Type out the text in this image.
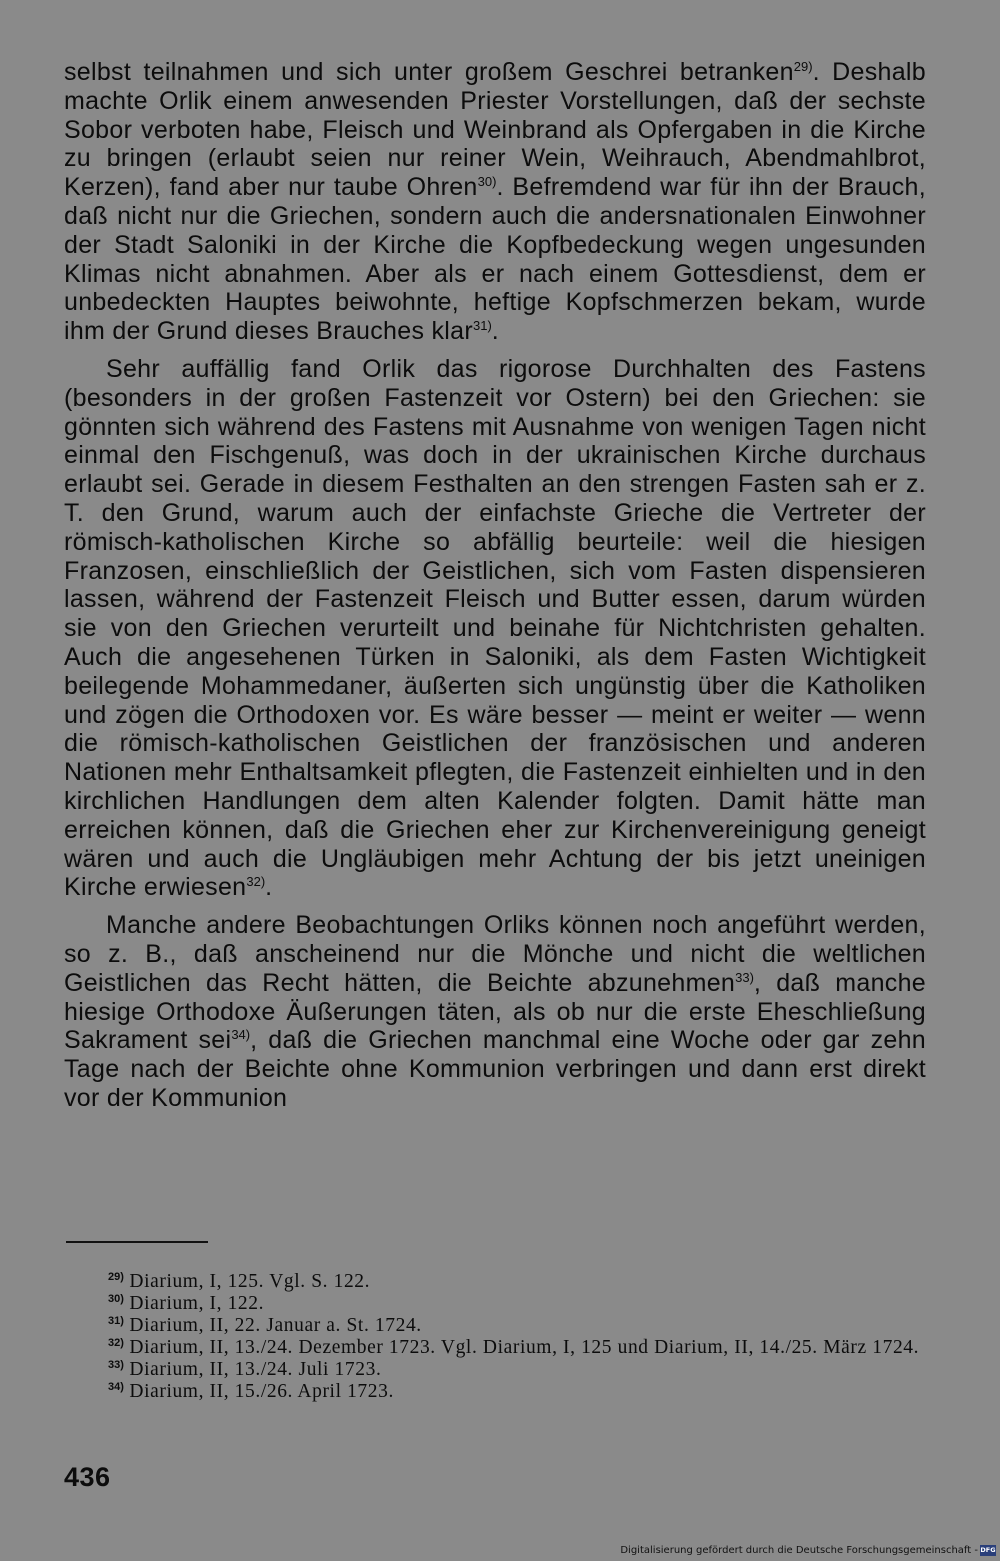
selbst teilnahmen und sich unter großem Geschrei betranken$^{29)}$. Deshalb machte Orlik einem anwesenden Priester Vorstellungen, daß der sechste Sobor verboten habe, Fleisch und Weinbrand als Opfergaben in die Kirche zu bringen (erlaubt seien nur reiner Wein, Weihrauch, Abendmahlbrot, Kerzen), fand aber nur taube Ohren$^{30)}$. Befremdend war für ihn der Brauch, daß nicht nur die Griechen, sondern auch die andersnationalen Einwohner der Stadt Saloniki in der Kirche die Kopfbedeckung wegen ungesunden Klimas nicht abnahmen. Aber als er nach einem Gottesdienst, dem er unbedeckten Hauptes beiwohnte, heftige Kopfschmerzen bekam, wurde ihm der Grund dieses Brauches klar$^{31)}$.

Sehr auffällig fand Orlik das rigorose Durchhalten des Fastens (besonders in der großen Fastenzeit vor Ostern) bei den Griechen: sie gönnten sich während des Fastens mit Ausnahme von wenigen Tagen nicht einmal den Fischgenuß, was doch in der ukrainischen Kirche durchaus erlaubt sei. Gerade in diesem Festhalten an den strengen Fasten sah er z. T. den Grund, warum auch der einfachste Grieche die Vertreter der römisch-katholischen Kirche so abfällig beurteile: weil die hiesigen Franzosen, einschließlich der Geistlichen, sich vom Fasten dispensieren lassen, während der Fastenzeit Fleisch und Butter essen, darum würden sie von den Griechen verurteilt und beinahe für Nichtchristen gehalten. Auch die angesehenen Türken in Saloniki, als dem Fasten Wichtigkeit beilegende Mohammedaner, äußerten sich ungünstig über die Katholiken und zögen die Orthodoxen vor. Es wäre besser — meint er weiter — wenn die römisch-katholischen Geistlichen der französischen und anderen Nationen mehr Enthaltsamkeit pflegten, die Fastenzeit einhielten und in den kirchlichen Handlungen dem alten Kalender folgten. Damit hätte man erreichen können, daß die Griechen eher zur Kirchenvereinigung geneigt wären und auch die Ungläubigen mehr Achtung der bis jetzt uneinigen Kirche erwiesen$^{32)}$.

Manche andere Beobachtungen Orliks können noch angeführt werden, so z. B., daß anscheinend nur die Mönche und nicht die weltlichen Geistlichen das Recht hätten, die Beichte abzunehmen$^{33)}$, daß manche hiesige Orthodoxe Äußerungen täten, als ob nur die erste Eheschließung Sakrament sei$^{34)}$, daß die Griechen manchmal eine Woche oder gar zehn Tage nach der Beichte ohne Kommunion verbringen und dann erst direkt vor der Kommunion

$^{29)}$ Diarium, I, 125. Vgl. S. 122.

$^{30)}$ Diarium, I, 122.

$^{31)}$ Diarium, II, 22. Januar a. St. 1724.

$^{32)}$ Diarium, II, 13./24. Dezember 1723. Vgl. Diarium, I, 125 und Diarium, II, 14./25. März 1724.

$^{33)}$ Diarium, II, 13./24. Juli 1723.

$^{34)}$ Diarium, II, 15./26. April 1723.

436
Digitalisierung gefördert durch die Deutsche Forschungsgemeinschaft - DFG
